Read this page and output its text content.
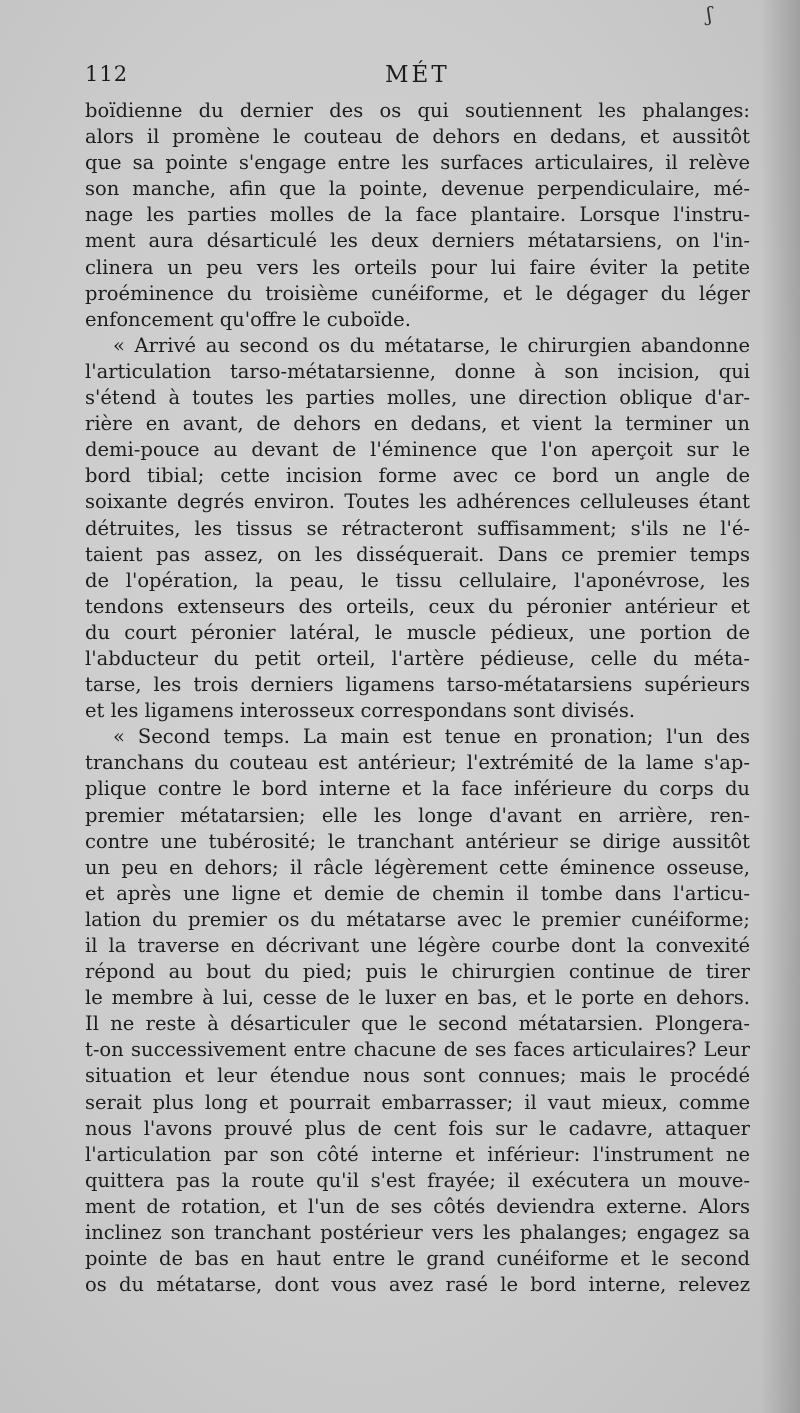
ʃ
112	MÉT
boïdienne du dernier des os qui soutiennent les phalanges:
alors il promène le couteau de dehors en dedans, et aussitôt
que sa pointe s'engage entre les surfaces articulaires, il relève
son manche, afin que la pointe, devenue perpendiculaire, mé-
nage les parties molles de la face plantaire. Lorsque l'instru-
ment aura désarticulé les deux derniers métatarsiens, on l'in-
clinera un peu vers les orteils pour lui faire éviter la petite
proéminence du troisième cunéiforme, et le dégager du léger
enfoncement qu'offre le cuboïde.
« Arrivé au second os du métatarse, le chirurgien abandonne
l'articulation tarso-métatarsienne, donne à son incision, qui
s'étend à toutes les parties molles, une direction oblique d'ar-
rière en avant, de dehors en dedans, et vient la terminer un
demi-pouce au devant de l'éminence que l'on aperçoit sur le
bord tibial; cette incision forme avec ce bord un angle de
soixante degrés environ. Toutes les adhérences celluleuses étant
détruites, les tissus se rétracteront suffisamment; s'ils ne l'é-
taient pas assez, on les disséquerait. Dans ce premier temps
de l'opération, la peau, le tissu cellulaire, l'aponévrose, les
tendons extenseurs des orteils, ceux du péronier antérieur et
du court péronier latéral, le muscle pédieux, une portion de
l'abducteur du petit orteil, l'artère pédieuse, celle du méta-
tarse, les trois derniers ligamens tarso-métatarsiens supérieurs
et les ligamens interosseux correspondans sont divisés.
« Second temps. La main est tenue en pronation; l'un des
tranchans du couteau est antérieur; l'extrémité de la lame s'ap-
plique contre le bord interne et la face inférieure du corps du
premier métatarsien; elle les longe d'avant en arrière, ren-
contre une tubérosité; le tranchant antérieur se dirige aussitôt
un peu en dehors; il râcle légèrement cette éminence osseuse,
et après une ligne et demie de chemin il tombe dans l'articu-
lation du premier os du métatarse avec le premier cunéiforme;
il la traverse en décrivant une légère courbe dont la convexité
répond au bout du pied; puis le chirurgien continue de tirer
le membre à lui, cesse de le luxer en bas, et le porte en dehors.
Il ne reste à désarticuler que le second métatarsien. Plongera-
t-on successivement entre chacune de ses faces articulaires? Leur
situation et leur étendue nous sont connues; mais le procédé
serait plus long et pourrait embarrasser; il vaut mieux, comme
nous l'avons prouvé plus de cent fois sur le cadavre, attaquer
l'articulation par son côté interne et inférieur: l'instrument ne
quittera pas la route qu'il s'est frayée; il exécutera un mouve-
ment de rotation, et l'un de ses côtés deviendra externe. Alors
inclinez son tranchant postérieur vers les phalanges; engagez sa
pointe de bas en haut entre le grand cunéiforme et le second
os du métatarse, dont vous avez rasé le bord interne, relevez
